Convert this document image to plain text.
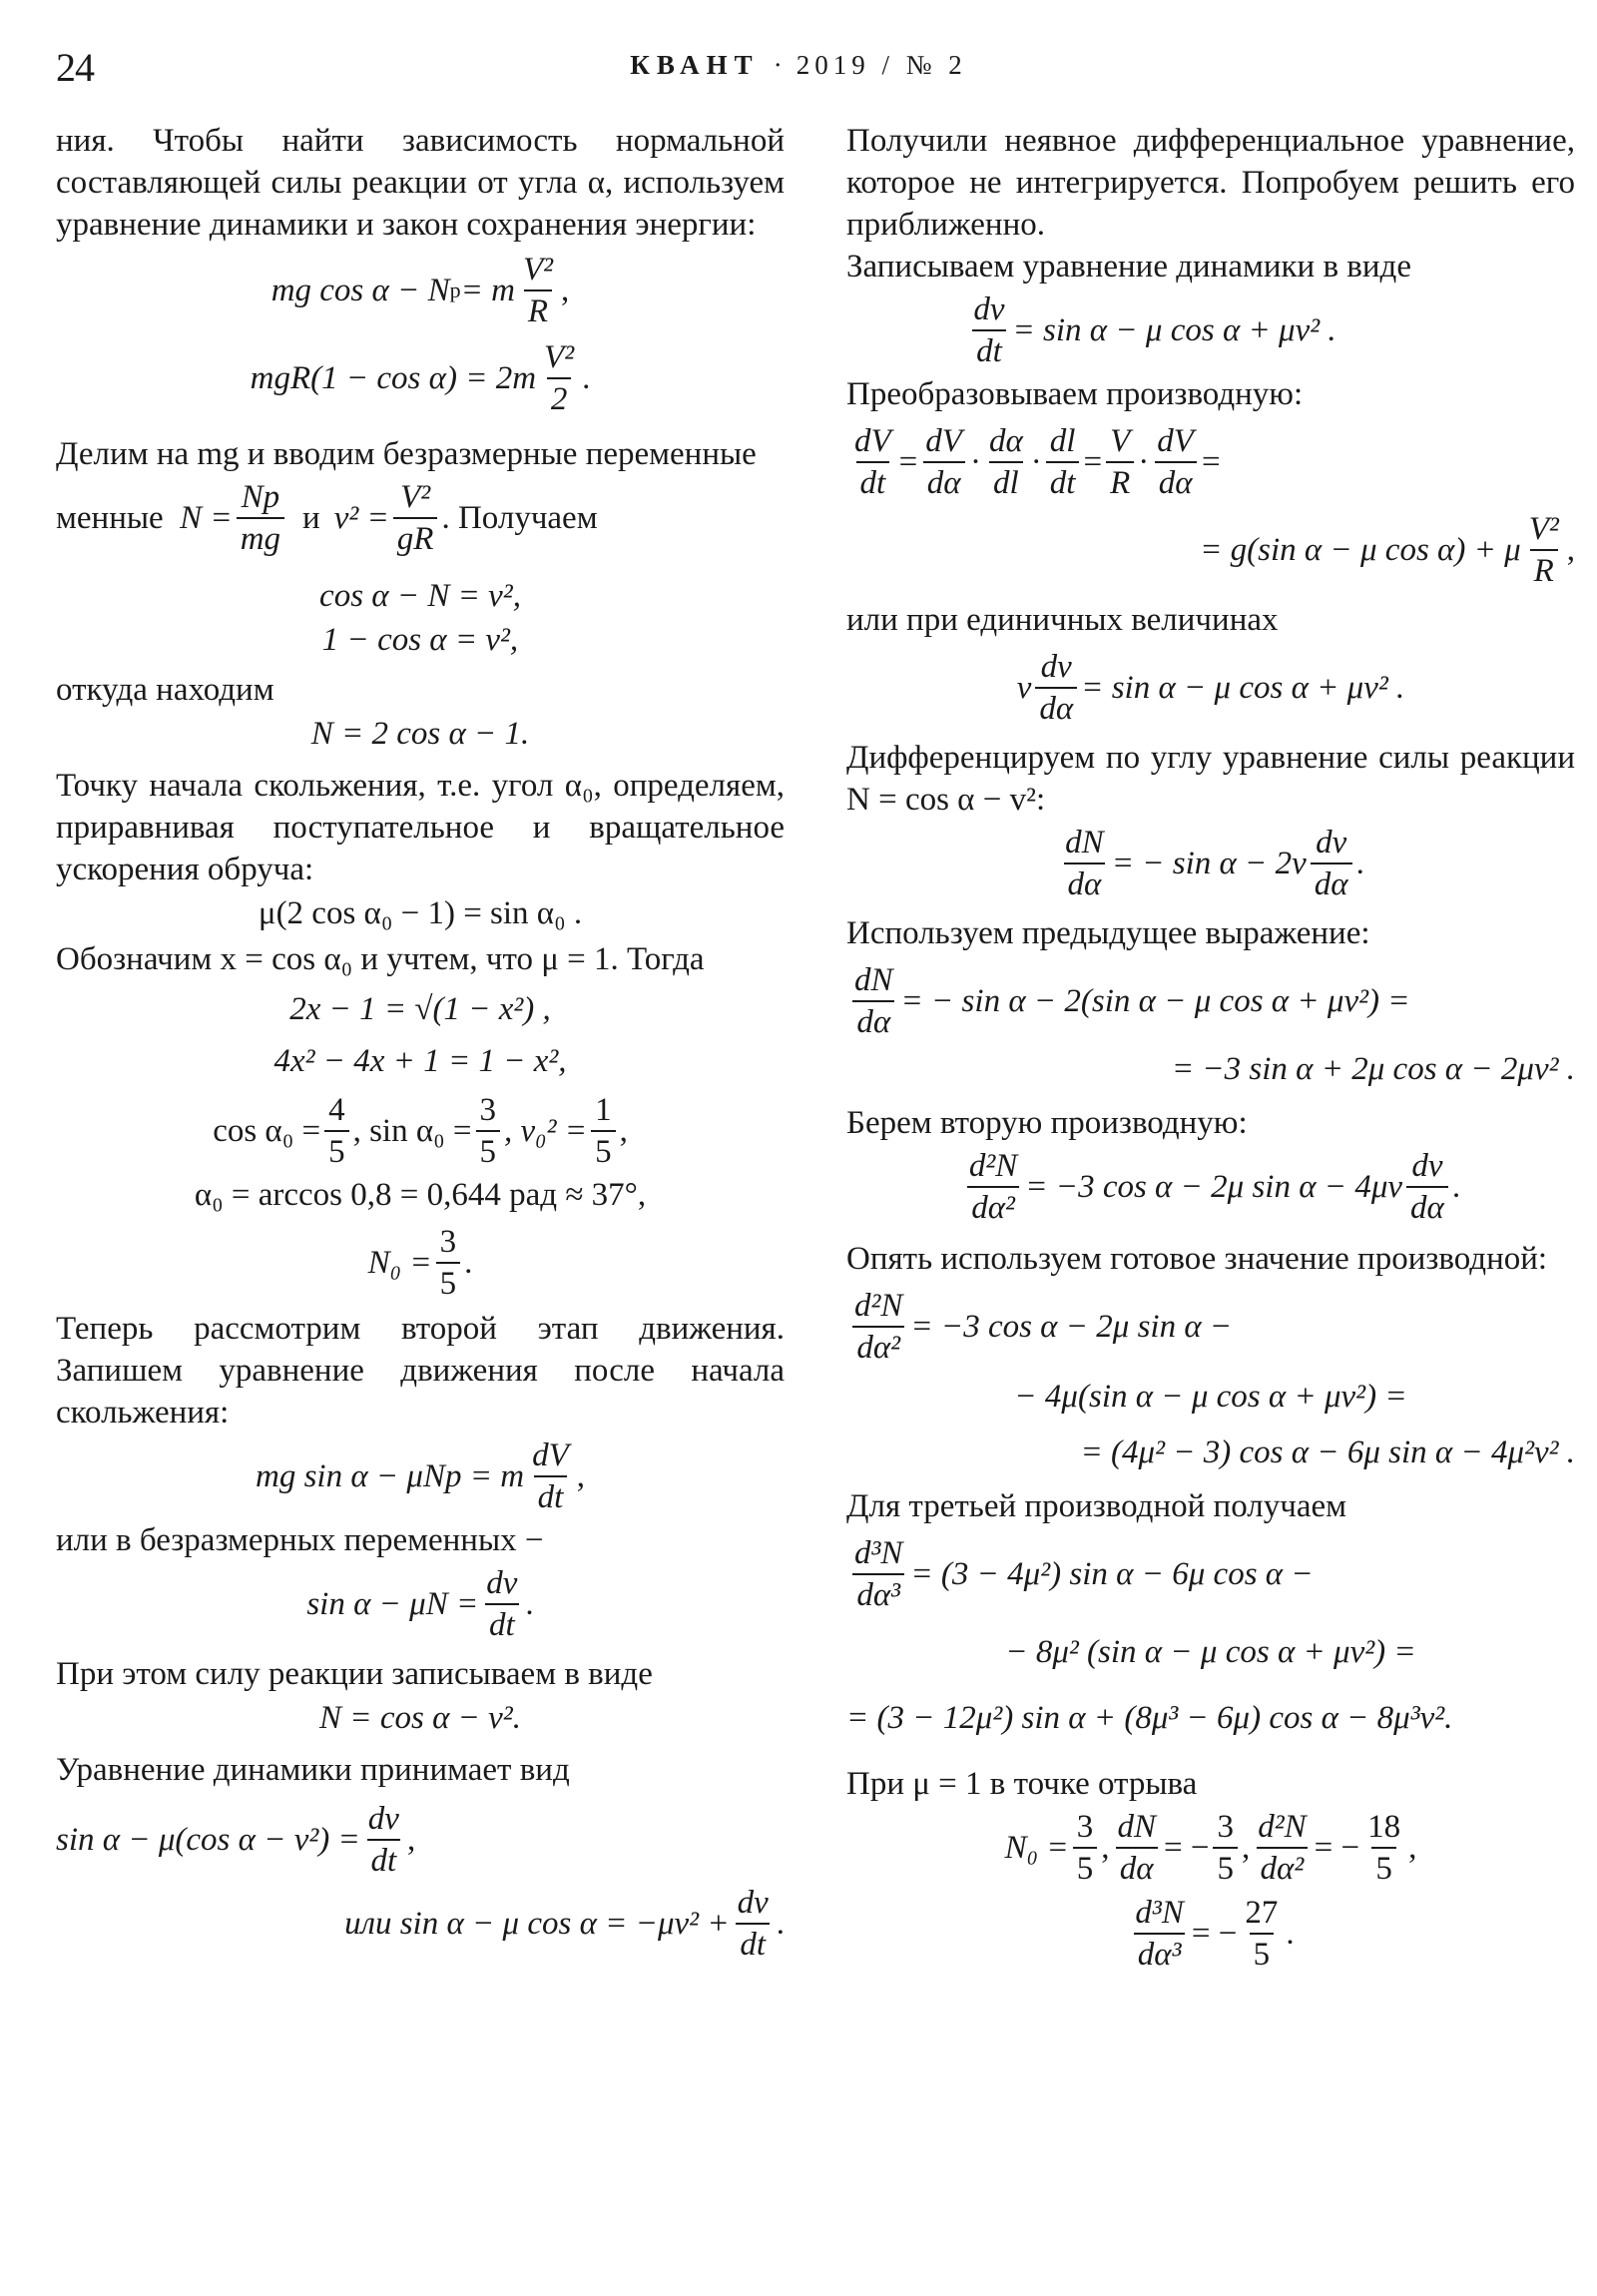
24	КВАНТ · 2019 / № 2

ния. Чтобы найти зависимость нормальной составляющей силы реакции от угла α, используем уравнение динамики и закон сохранения энергии:

mg cos α − N р = m $\frac{\text{V²}}{R}$ ,
$mgR(1 - \cos \alpha) = 2m \frac{\text{V²}}{2}$ .

Делим на mg и вводим безразмерные переменные

менные $N = \frac{Nр}{mg}$ и $v^2 = \frac{\text{V²}}{gR}$ . Получаем
cos α − N = v²,
1 − cos α = v²,

откуда находим

N = 2 cos α − 1.

Точку начала скольжения, т.е. угол α₀, определяем, приравнивая поступательное и вращательное ускорения обруча:

μ(2 cos α₀ − 1) = sin α₀ .

Обозначим x = cos α₀ и учтем, что μ = 1. Тогда

2x − 1 = √(1 − x²) ,
4x² − 4x + 1 = 1 − x²,
$\cos \alpha_0 = \frac{4}{5}$ , $\sin \alpha_0 = \frac{3}{5}$ , $v_0^2 = \frac{1}{5}$ ,
α₀ = arccos 0,8 = 0,644 рад ≈ 37°,
$N_0 = \frac{3}{5}$ .

Теперь рассмотрим второй этап движения. Запишем уравнение движения после начала скольжения:

mg sin α − μNр = m $\frac{dV}{dt}$ ,

или в безразмерных переменных −

$\sin \alpha - \mu N = \frac{dv}{dt}$ .

При этом силу реакции записываем в виде

N = cos α − v².

Уравнение динамики принимает вид

sin α − μ(cos $\alpha - v^2) = \frac{dv}{dt}$ ,
или sin α − μ $\cos \alpha = -\mu v^2 + \frac{dv}{dt}$ .

Получили неявное дифференциальное уравнение, которое не интегрируется. Попробуем решить его приближенно.

Записываем уравнение динамики в виде

$\frac{dv}{dt} = \sin \alpha - \mu$ cos α + μv² .

Преобразовываем производную:

$\frac{dV}{dt} = \frac{dV}{d\alpha} \cdot \frac{d\alpha}{dl} \cdot \frac{dl}{dt} = \frac{V}{R} \cdot \frac{dV}{d\alpha}$ =
= g(sin α − μ cos α) + μ $\frac{\text{V²}}{R}$ ,

или при единичных величинах

v $\frac{dv}{d\alpha} = \sin \alpha - \mu$ cos α + μv² .

Дифференцируем по углу уравнение силы реакции N = cos α − v²:

$\frac{dN}{d\alpha}$ = − $\sin \alpha - 2v \frac{dv}{d\alpha}$ .

Используем предыдущее выражение:

$\frac{dN}{d\alpha}$ = − sin α − 2(sin α − μ cos α + μv²) =
= −3 sin α + 2μ cos α − 2μv² .

Берем вторую производную:

$\frac{\text{d²N}}{\text{dα²}} = -3$ cos α − 2μ $\sin \alpha - 4\mu v \frac{dv}{d\alpha}$ .

Опять используем готовое значение производной:

$\frac{\text{d²N}}{\text{dα²}} = -3$ cos α − 2μ sin α −
− 4μ(sin α − μ cos α + μv²) =
= (4μ² − 3) cos α − 6μ sin α − 4μ²v² .

Для третьей производной получаем

$\frac{\text{d³N}}{\text{dα³}} = (3 - 4\mu^2)$ sin α − 6μ cos α −
− 8μ² (sin α − μ cos α + μv²) =
= (3 − 12μ²) sin α + (8μ³ − 6μ) cos α − 8μ³v².

При μ = 1 в точке отрыва

$N_0 = \frac{3}{5}$ , $\frac{dN}{d\alpha}$ = − $\frac{3}{5}$ , $\frac{\text{d²N}}{\text{dα²}}$ = − $\frac{18}{5}$ ,
$\frac{\text{d³N}}{\text{dα³}}$ = − $\frac{27}{5}$ .
